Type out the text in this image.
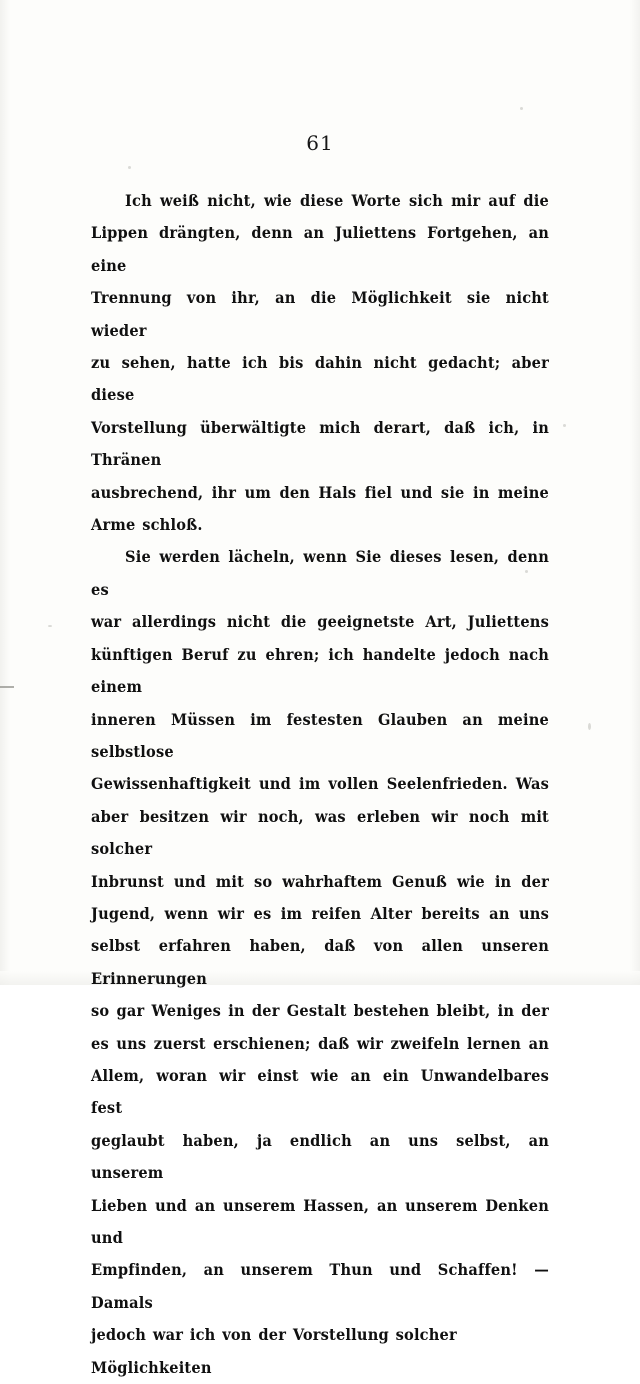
61

Ich weiß nicht, wie diese Worte sich mir auf die
Lippen drängten, denn an Juliettens Fortgehen, an eine
Trennung von ihr, an die Möglichkeit sie nicht wieder
zu sehen, hatte ich bis dahin nicht gedacht; aber diese
Vorstellung überwältigte mich derart, daß ich, in Thränen
ausbrechend, ihr um den Hals fiel und sie in meine
Arme schloß.

Sie werden lächeln, wenn Sie dieses lesen, denn es
war allerdings nicht die geeignetste Art, Juliettens
künftigen Beruf zu ehren; ich handelte jedoch nach einem
inneren Müssen im festesten Glauben an meine selbstlose
Gewissenhaftigkeit und im vollen Seelenfrieden. Was
aber besitzen wir noch, was erleben wir noch mit solcher
Inbrunst und mit so wahrhaftem Genuß wie in der
Jugend, wenn wir es im reifen Alter bereits an uns
selbst erfahren haben, daß von allen unseren Erinnerungen
so gar Weniges in der Gestalt bestehen bleibt, in der
es uns zuerst erschienen; daß wir zweifeln lernen an
Allem, woran wir einst wie an ein Unwandelbares fest
geglaubt haben, ja endlich an uns selbst, an unserem
Lieben und an unserem Hassen, an unserem Denken und
Empfinden, an unserem Thun und Schaffen! — Damals
jedoch war ich von der Vorstellung solcher Möglichkeiten
